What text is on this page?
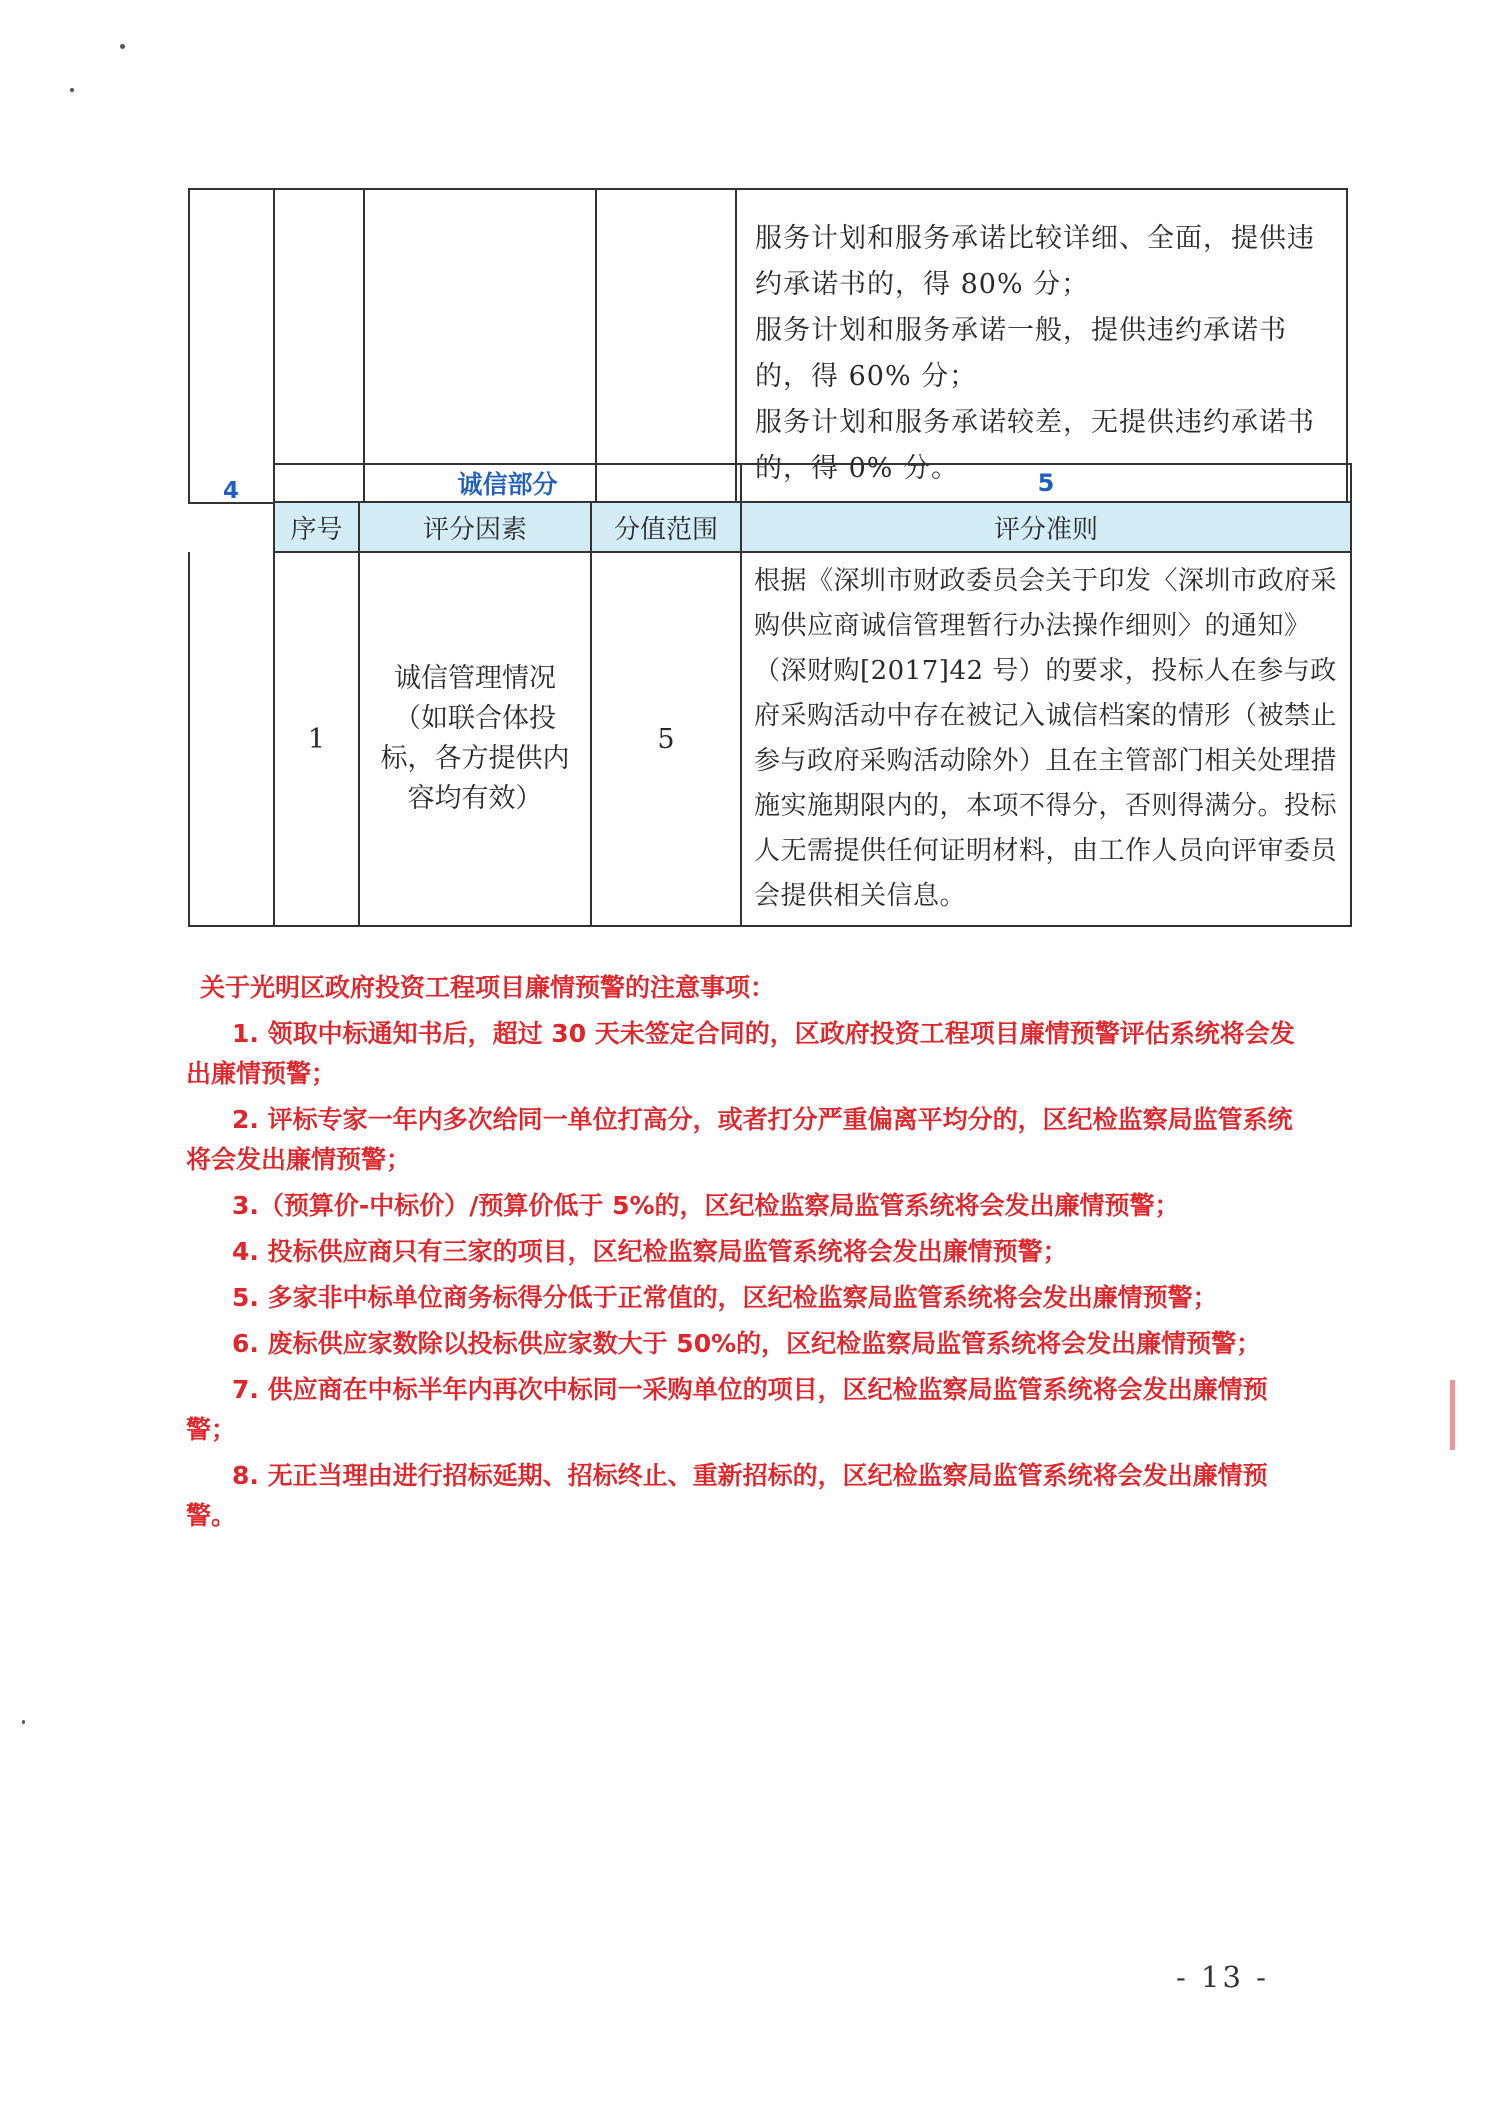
服务计划和服务承诺比较详细、全面，提供违约承诺书的，得 80% 分；

服务计划和服务承诺一般，提供违约承诺书的，得 60% 分；

服务计划和服务承诺较差，无提供违约承诺书的，得 0% 分。

4	诚信部分			5
	序号	评分因素	分值范围	评分准则
	1	诚信管理情况（如联合体投标，各方提供内容均有效）	5	根据《深圳市财政委员会关于印发〈深圳市政府采购供应商诚信管理暂行办法操作细则〉的通知》（深财购[2017]42 号）的要求，投标人在参与政府采购活动中存在被记入诚信档案的情形（被禁止参与政府采购活动除外）且在主管部门相关处理措施实施期限内的，本项不得分，否则得满分。投标人无需提供任何证明材料，由工作人员向评审委员会提供相关信息。

关于光明区政府投资工程项目廉情预警的注意事项：

1. 领取中标通知书后，超过 30 天未签定合同的，区政府投资工程项目廉情预警评估系统将会发出廉情预警；

2. 评标专家一年内多次给同一单位打高分，或者打分严重偏离平均分的，区纪检监察局监管系统将会发出廉情预警；

3.（预算价-中标价）/预算价低于 5%的，区纪检监察局监管系统将会发出廉情预警；

4. 投标供应商只有三家的项目，区纪检监察局监管系统将会发出廉情预警；

5. 多家非中标单位商务标得分低于正常值的，区纪检监察局监管系统将会发出廉情预警；

6. 废标供应家数除以投标供应家数大于 50%的，区纪检监察局监管系统将会发出廉情预警；

7. 供应商在中标半年内再次中标同一采购单位的项目，区纪检监察局监管系统将会发出廉情预警；

8. 无正当理由进行招标延期、招标终止、重新招标的，区纪检监察局监管系统将会发出廉情预警。

- 13 -
